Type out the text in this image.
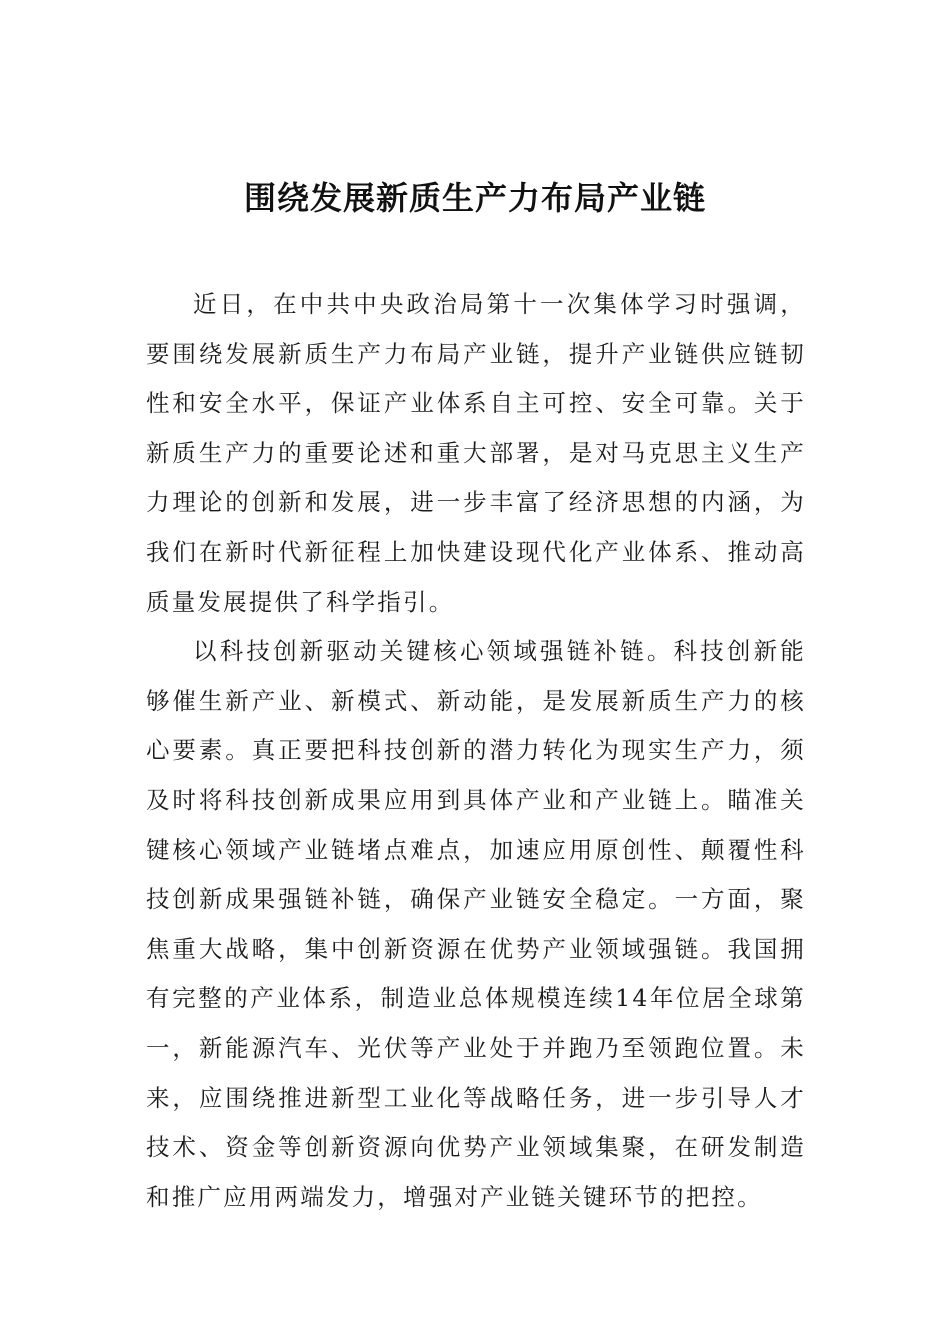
围绕发展新质生产力布局产业链

近日，在中共中央政治局第十一次集体学习时强调，要围绕发展新质生产力布局产业链，提升产业链供应链韧性和安全水平，保证产业体系自主可控、安全可靠。关于新质生产力的重要论述和重大部署，是对马克思主义生产力理论的创新和发展，进一步丰富了经济思想的内涵，为我们在新时代新征程上加快建设现代化产业体系、推动高质量发展提供了科学指引。

以科技创新驱动关键核心领域强链补链。科技创新能够催生新产业、新模式、新动能，是发展新质生产力的核心要素。真正要把科技创新的潜力转化为现实生产力，须及时将科技创新成果应用到具体产业和产业链上。瞄准关键核心领域产业链堵点难点，加速应用原创性、颠覆性科技创新成果强链补链，确保产业链安全稳定。一方面，聚焦重大战略，集中创新资源在优势产业领域强链。我国拥有完整的产业体系，制造业总体规模连续14年位居全球第一，新能源汽车、光伏等产业处于并跑乃至领跑位置。未来，应围绕推进新型工业化等战略任务，进一步引导人才技术、资金等创新资源向优势产业领域集聚，在研发制造和推广应用两端发力，增强对产业链关键环节的把控。
